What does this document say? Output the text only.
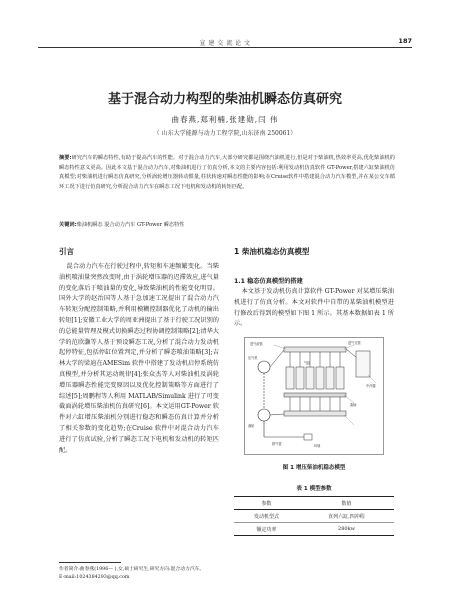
宣 建 交 流 论 文	187
基于混合动力构型的柴油机瞬态仿真研究
曲春燕,郑利楠,张建勋,闫 伟
（ 山东大学能源与动力工程学院,山东济南 250061）
摘要:研究汽车的瞬态特性,有助于提高汽车的性能。对于混合动力汽车,大部分研究都是围绕汽油机进行,但是对于柴油机,热效率更高,优化柴油机的瞬态特性意义更高。因此本文基于混合动力汽车,对柴油机进行了仿真分析,本文的主要内容包括:利用发动机仿真软件 GT-Power,搭建六缸柴油机仿真模型;对柴油机进行瞬态仿真研究,分析涡轮增压器转动惯量,柱状转速对瞬态性能的影响;在Cruise软件中搭建混合动力汽车模型,并在某公交车循环工况下进行仿真研究,分析混合动力汽车在瞬态工况下电机和发动机的转矩匹配。
关键词:柴油机瞬态 混合动力汽车 GT-Power 瞬态特性
引言

混合动力汽车在行驶过程中,转矩和车速频繁变化。当柴油机喷油量突然改变时,由于涡轮增压器的迟滞效应,进气量的变化落后于喷油量的变化,导致柴油机的性能变化明显。国外大学的赵治国等人基于急加速工况提出了混合动力汽车转矩分配控制策略,并利用模糊控制器优化了动机的输出转矩[1];安徽工业大学的周亚洲提出了基于行驶工况识别的的总能量管理及模式切换瞬态过程协调控制策略[2];清华大学的范欣灏等人基于预设瞬态工况,分析了混合动力发动机起停特征,包括停缸位置判定,并分析了瞬态喷油策略[3];吉林大学的梁迪在AMESim 软件中搭建了发动机启停系统仿真模型,并分析其运动规律[4];张众杰等人对柴油机及涡轮增压器瞬态性能完变原因以及优化控制策略等方面进行了综述[5];周鹏程等人利用 MATLAB/Simulink 进行了可变截面涡轮增压柴油机仿真研究[6]。本文运用GT-Power 软件对六缸增压柴油机分别进行稳态和瞬态仿真计算并分析了相关参数的变化趋势;在Cruise 软件中对混合动力汽车进行了仿真试验,分析了瞬态工况下电机和发动机的转矩匹配。

作者简介:曲春燕(1996— ),女,硕士研究生,研究方向:混合动力汽车。
E-mail:1024384293@qq.com
1 柴油机稳态仿真模型
1.1 稳态仿真模型的搭建

本文基于发动机仿真计算软件 GT-Power 对某增压柴油机进行了仿真分析。本文对软件中自带的某柴油机模型进行修改后得到的模型如下图 1 所示。其基本数据如表 1 所示。

进气歧管	进气支管
中冷器
气缸
压气机
涡轮
排气管
曲轴
环境
图 1 增压柴油机稳态模型
表 1 模型参数
参数	数值
发动机型式	直列六缸,四冲程
额定功率	280kw
